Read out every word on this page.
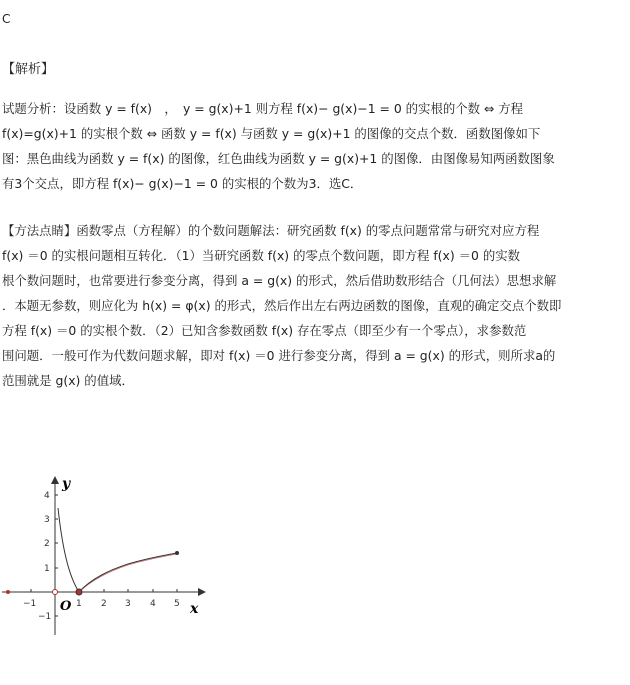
C
【解析】
试题分析：设函数 y = f(x)　，　y = g(x)+1 则方程 f(x)− g(x)−1 = 0 的实根的个数 ⇔ 方程
f(x)=g(x)+1 的实根个数 ⇔ 函数 y = f(x) 与函数 y = g(x)+1 的图像的交点个数．函数图像如下
图：黑色曲线为函数 y = f(x) 的图像，红色曲线为函数 y = g(x)+1 的图像．由图像易知两函数图象
有3个交点，即方程 f(x)− g(x)−1 = 0 的实根的个数为3．选C．
【方法点睛】函数零点（方程解）的个数问题解法：研究函数 f(x) 的零点问题常常与研究对应方程
f(x) ＝0 的实根问题相互转化．（1）当研究函数 f(x) 的零点个数问题，即方程 f(x) ＝0 的实数
根个数问题时，也常要进行参变分离，得到 a = g(x) 的形式，然后借助数形结合（几何法）思想求解
．本题无参数，则应化为 h(x) = φ(x) 的形式，然后作出左右两边函数的图像，直观的确定交点个数即
方程 f(x) ＝0 的实根个数．（2）已知含参数函数 f(x) 存在零点（即至少有一个零点），求参数范
围问题．一般可作为代数问题求解，即对 f(x) ＝0 进行参变分离，得到 a = g(x) 的形式，则所求a的
范围就是 g(x) 的值域．
y
x
O
−1	1 2 3 4 5
4
3
2
1
−1
